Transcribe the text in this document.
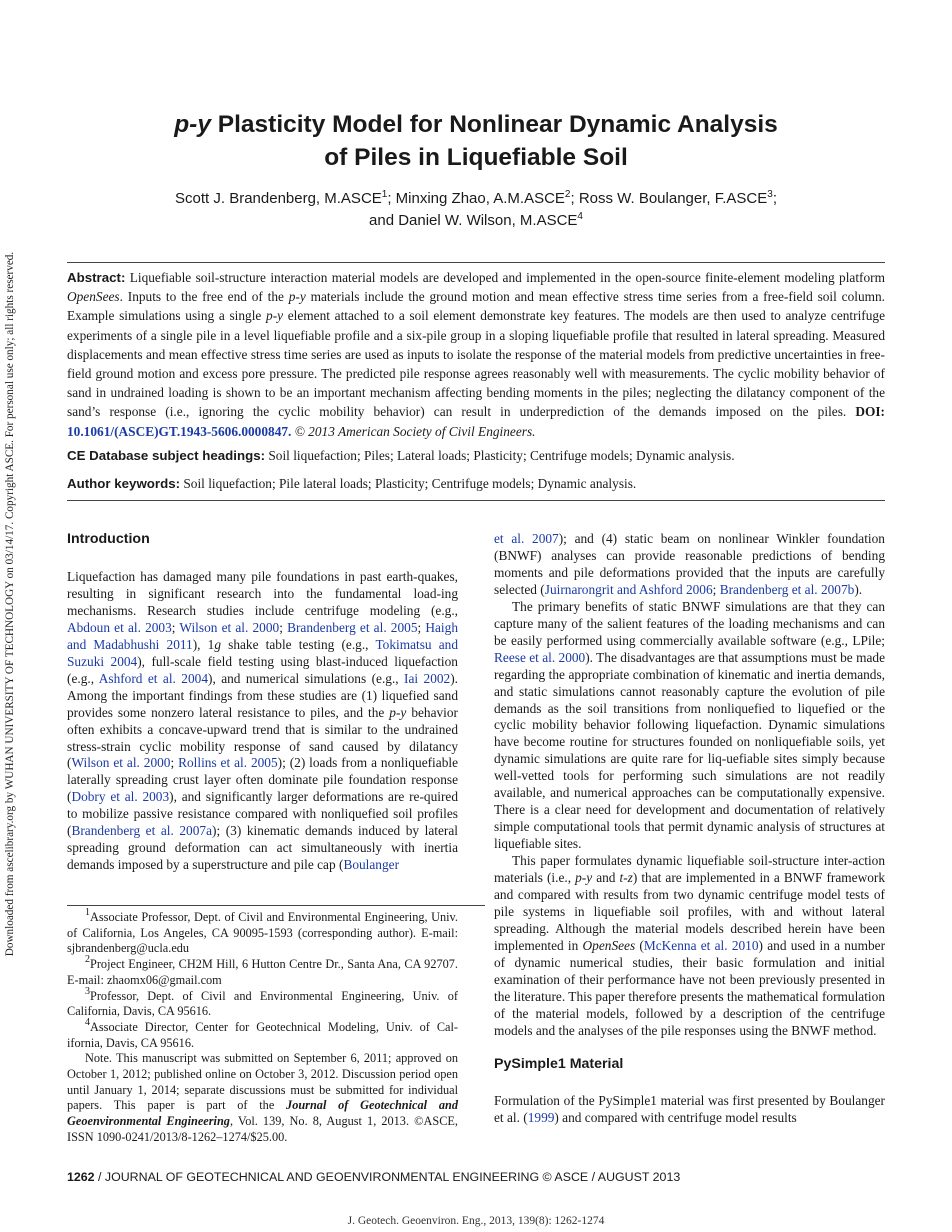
Downloaded from ascelibrary.org by WUHAN UNIVERSITY OF TECHNOLOGY on 03/14/17. Copyright ASCE. For personal use only; all rights reserved.
p-y Plasticity Model for Nonlinear Dynamic Analysis
of Piles in Liquefiable Soil
Scott J. Brandenberg, M.ASCE$^1$; Minxing Zhao, A.M.ASCE$^2$; Ross W. Boulanger, F.ASCE$^3$;
and Daniel W. Wilson, M.ASCE$^4$
Abstract: Liquefiable soil-structure interaction material models are developed and implemented in the open-source finite-element modeling platform OpenSees. Inputs to the free end of the p-y materials include the ground motion and mean effective stress time series from a free-field soil column. Example simulations using a single p-y element attached to a soil element demonstrate key features. The models are then used to analyze centrifuge experiments of a single pile in a level liquefiable profile and a six-pile group in a sloping liquefiable profile that resulted in lateral spreading. Measured displacements and mean effective stress time series are used as inputs to isolate the response of the material models from predictive uncertainties in free-field ground motion and excess pore pressure. The predicted pile response agrees reasonably well with measurements. The cyclic mobility behavior of sand in undrained loading is shown to be an important mechanism affecting bending moments in the piles; neglecting the dilatancy component of the sand’s response (i.e., ignoring the cyclic mobility behavior) can result in underprediction of the demands imposed on the piles. DOI: 10.1061/(ASCE)GT.1943-5606.0000847. © 2013 American Society of Civil Engineers.
CE Database subject headings: Soil liquefaction; Piles; Lateral loads; Plasticity; Centrifuge models; Dynamic analysis.
Author keywords: Soil liquefaction; Pile lateral loads; Plasticity; Centrifuge models; Dynamic analysis.
Introduction

Liquefaction has damaged many pile foundations in past earth-quakes, resulting in significant research into the fundamental load-ing mechanisms. Research studies include centrifuge modeling (e.g., Abdoun et al. 2003; Wilson et al. 2000; Brandenberg et al. 2005; Haigh and Madabhushi 2011), 1g shake table testing (e.g., Tokimatsu and Suzuki 2004), full-scale field testing using blast-induced liquefaction (e.g., Ashford et al. 2004), and numerical simulations (e.g., Iai 2002). Among the important findings from these studies are (1) liquefied sand provides some nonzero lateral resistance to piles, and the p-y behavior often exhibits a concave-upward trend that is similar to the undrained stress-strain cyclic mobility response of sand caused by dilatancy (Wilson et al. 2000; Rollins et al. 2005); (2) loads from a nonliquefiable laterally spreading crust layer often dominate pile foundation response (Dobry et al. 2003), and significantly larger deformations are re-quired to mobilize passive resistance compared with nonliquefied soil profiles (Brandenberg et al. 2007a); (3) kinematic demands induced by lateral spreading ground deformation can act simultaneously with inertia demands imposed by a superstructure and pile cap (Boulanger

$^1$Associate Professor, Dept. of Civil and Environmental Engineering, Univ. of California, Los Angeles, CA 90095-1593 (corresponding author). E-mail: sjbrandenberg@ucla.edu

$^2$Project Engineer, CH2M Hill, 6 Hutton Centre Dr., Santa Ana, CA 92707. E-mail: zhaomx06@gmail.com

$^3$Professor, Dept. of Civil and Environmental Engineering, Univ. of California, Davis, CA 95616.

$^4$Associate Director, Center for Geotechnical Modeling, Univ. of Cal-ifornia, Davis, CA 95616.

Note. This manuscript was submitted on September 6, 2011; approved on October 1, 2012; published online on October 3, 2012. Discussion period open until January 1, 2014; separate discussions must be submitted for individual papers. This paper is part of the Journal of Geotechnical and Geoenvironmental Engineering, Vol. 139, No. 8, August 1, 2013. ©ASCE, ISSN 1090-0241/2013/8-1262–1274/$25.00.

et al. 2007); and (4) static beam on nonlinear Winkler foundation (BNWF) analyses can provide reasonable predictions of bending moments and pile deformations provided that the inputs are carefully selected (Juirnarongrit and Ashford 2006; Brandenberg et al. 2007b).

The primary benefits of static BNWF simulations are that they can capture many of the salient features of the loading mechanisms and can be easily performed using commercially available software (e.g., LPile; Reese et al. 2000). The disadvantages are that assumptions must be made regarding the appropriate combination of kinematic and inertia demands, and static simulations cannot reasonably capture the evolution of pile demands as the soil transitions from nonliquefied to liquefied or the cyclic mobility behavior following liquefaction. Dynamic simulations have become routine for structures founded on nonliquefiable soils, yet dynamic simulations are quite rare for liq-uefiable sites simply because well-vetted tools for performing such simulations are not readily available, and numerical approaches can be computationally expensive. There is a clear need for development and documentation of relatively simple computational tools that permit dynamic analysis of structures at liquefiable sites.

This paper formulates dynamic liquefiable soil-structure inter-action materials (i.e., p-y and t-z) that are implemented in a BNWF framework and compared with results from two dynamic centrifuge model tests of pile systems in liquefiable soil profiles, with and without lateral spreading. Although the material models described herein have been implemented in OpenSees (McKenna et al. 2010) and used in a number of dynamic numerical studies, their basic formulation and initial examination of their performance have not been previously presented in the literature. This paper therefore presents the mathematical formulation of the material models, followed by a description of the centrifuge models and the analyses of the pile responses using the BNWF method.

PySimple1 Material

Formulation of the PySimple1 material was first presented by Boulanger et al. (1999) and compared with centrifuge model results

1262 / JOURNAL OF GEOTECHNICAL AND GEOENVIRONMENTAL ENGINEERING © ASCE / AUGUST 2013
J. Geotech. Geoenviron. Eng., 2013, 139(8): 1262-1274
